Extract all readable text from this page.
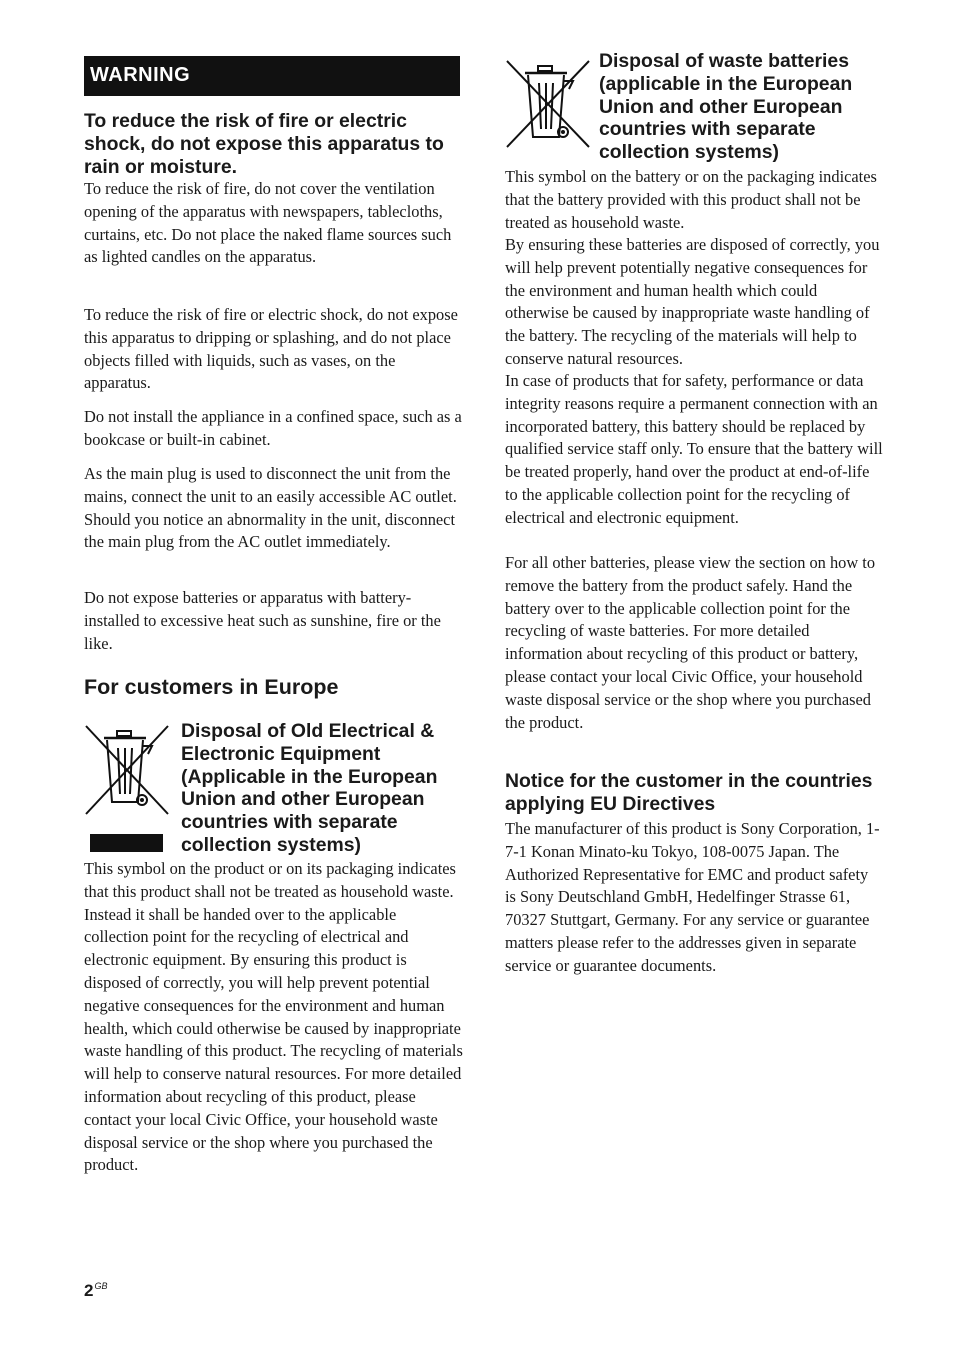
WARNING
To reduce the risk of fire or electric shock, do not expose this apparatus to rain or moisture.

To reduce the risk of fire, do not cover the ventilation opening of the apparatus with newspapers, tablecloths, curtains, etc. Do not place the naked flame sources such as lighted candles on the apparatus.

To reduce the risk of fire or electric shock, do not expose this apparatus to dripping or splashing, and do not place objects filled with liquids, such as vases, on the apparatus.

Do not install the appliance in a confined space, such as a bookcase or built-in cabinet.

As the main plug is used to disconnect the unit from the mains, connect the unit to an easily accessible AC outlet. Should you notice an abnormality in the unit, disconnect the main plug from the AC outlet immediately.

Do not expose batteries or apparatus with battery-installed to excessive heat such as sunshine, fire or the like.

For customers in Europe
Disposal of Old Electrical & Electronic Equipment (Applicable in the European Union and other European countries with separate collection systems)

This symbol on the product or on its packaging indicates that this product shall not be treated as household waste. Instead it shall be handed over to the applicable collection point for the recycling of electrical and electronic equipment. By ensuring this product is disposed of correctly, you will help prevent potential negative consequences for the environment and human health, which could otherwise be caused by inappropriate waste handling of this product. The recycling of materials will help to conserve natural resources. For more detailed information about recycling of this product, please contact your local Civic Office, your household waste disposal service or the shop where you purchased the product.

Disposal of waste batteries (applicable in the European Union and other European countries with separate collection systems)

This symbol on the battery or on the packaging indicates that the battery provided with this product shall not be treated as household waste.

By ensuring these batteries are disposed of correctly, you will help prevent potentially negative consequences for the environment and human health which could otherwise be caused by inappropriate waste handling of the battery. The recycling of the materials will help to conserve natural resources.

In case of products that for safety, performance or data integrity reasons require a permanent connection with an incorporated battery, this battery should be replaced by qualified service staff only. To ensure that the battery will be treated properly, hand over the product at end-of-life to the applicable collection point for the recycling of electrical and electronic equipment.

For all other batteries, please view the section on how to remove the battery from the product safely. Hand the battery over to the applicable collection point for the recycling of waste batteries. For more detailed information about recycling of this product or battery, please contact your local Civic Office, your household waste disposal service or the shop where you purchased the product.

Notice for the customer in the countries applying EU Directives

The manufacturer of this product is Sony Corporation, 1-7-1 Konan Minato-ku Tokyo, 108-0075 Japan. The Authorized Representative for EMC and product safety is Sony Deutschland GmbH, Hedelfinger Strasse 61, 70327 Stuttgart, Germany. For any service or guarantee matters please refer to the addresses given in separate service or guarantee documents.

$2^{GB}$
